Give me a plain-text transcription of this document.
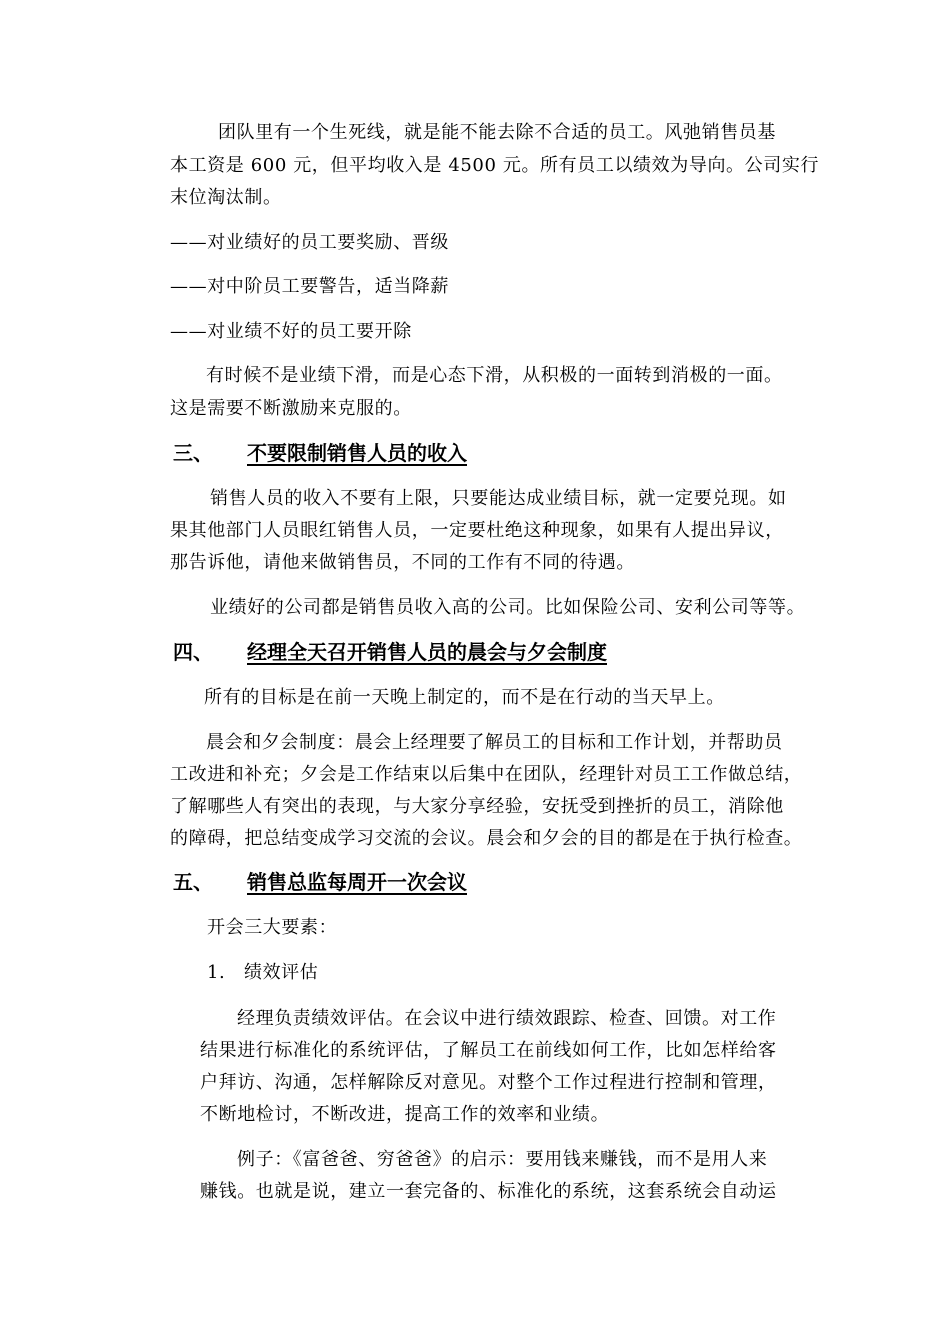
团队里有一个生死线，就是能不能去除不合适的员工。风弛销售员基
本工资是 600 元，但平均收入是 4500 元。所有员工以绩效为导向。公司实行
末位淘汰制。
——对业绩好的员工要奖励、晋级
——对中阶员工要警告，适当降薪
——对业绩不好的员工要开除
有时候不是业绩下滑，而是心态下滑，从积极的一面转到消极的一面。
这是需要不断激励来克服的。
三、 不要限制销售人员的收入
销售人员的收入不要有上限，只要能达成业绩目标，就一定要兑现。如
果其他部门人员眼红销售人员，一定要杜绝这种现象，如果有人提出异议，
那告诉他，请他来做销售员，不同的工作有不同的待遇。
业绩好的公司都是销售员收入高的公司。比如保险公司、安利公司等等。
四、 经理全天召开销售人员的晨会与夕会制度
所有的目标是在前一天晚上制定的，而不是在行动的当天早上。
晨会和夕会制度：晨会上经理要了解员工的目标和工作计划，并帮助员
工改进和补充；夕会是工作结束以后集中在团队，经理针对员工工作做总结，
了解哪些人有突出的表现，与大家分享经验，安抚受到挫折的员工，消除他
的障碍，把总结变成学习交流的会议。晨会和夕会的目的都是在于执行检查。
五、 销售总监每周开一次会议
开会三大要素：
1.　绩效评估
经理负责绩效评估。在会议中进行绩效跟踪、检查、回馈。对工作
结果进行标准化的系统评估，了解员工在前线如何工作，比如怎样给客
户拜访、沟通，怎样解除反对意见。对整个工作过程进行控制和管理，
不断地检讨，不断改进，提高工作的效率和业绩。
例子：《富爸爸、穷爸爸》的启示：要用钱来赚钱，而不是用人来
赚钱。也就是说，建立一套完备的、标准化的系统，这套系统会自动运
